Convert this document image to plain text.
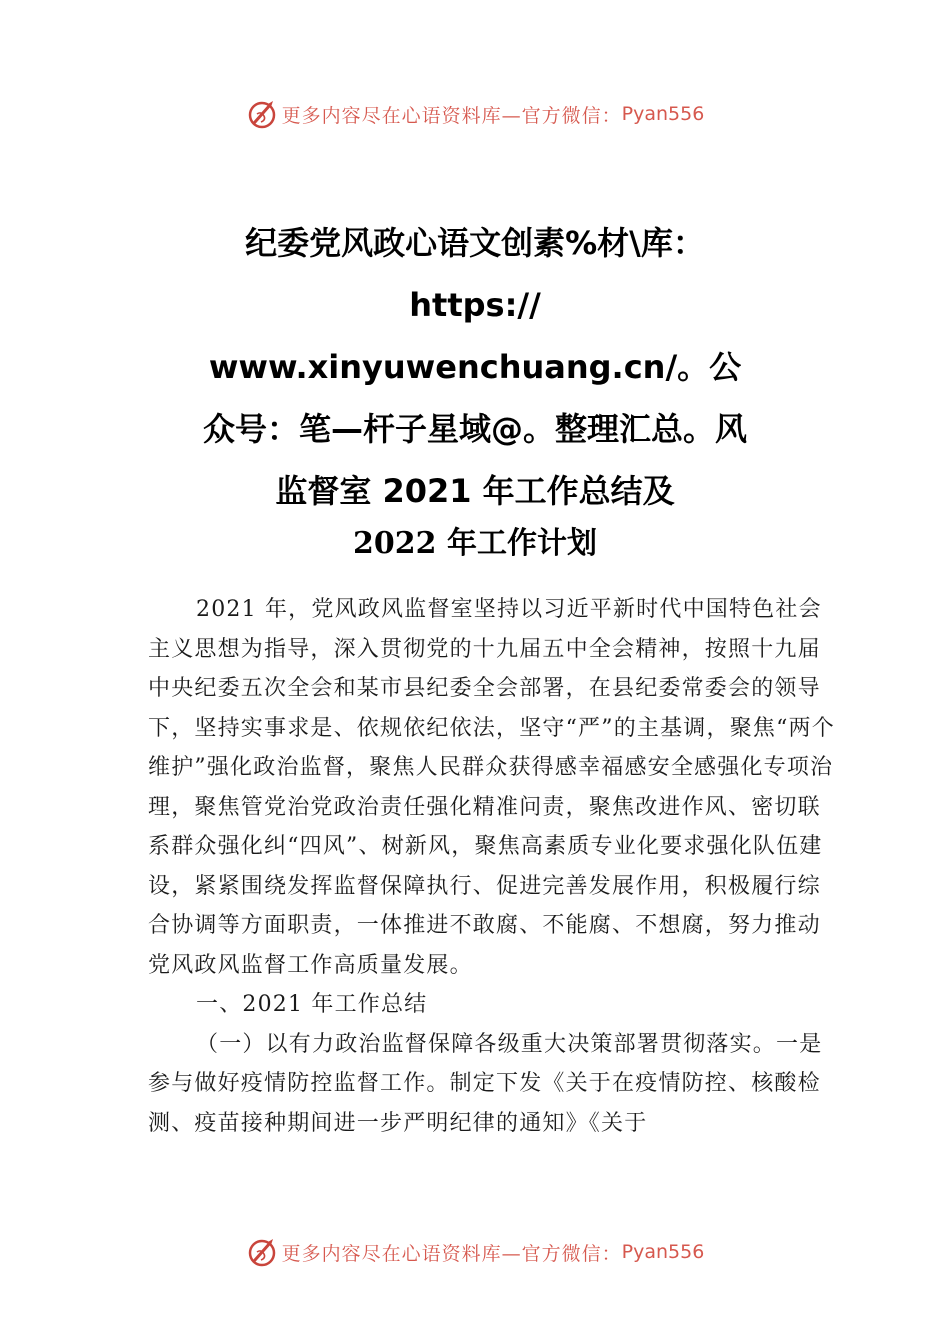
更多内容尽在心语资料库—官方微信： Pyan556
纪委党风政心语文创素%材\库：
https://
www.xinyuwenchuang.cn/。公
众号：笔—杆子星域@。整理汇总。风
监督室 2021 年工作总结及
2022 年工作计划

2021 年，党风政风监督室坚持以习近平新时代中国特色社会主义思想为指导，深入贯彻党的十九届五中全会精神，按照十九届中央纪委五次全会和某市县纪委全会部署，在县纪委常委会的领导下，坚持实事求是、依规依纪依法，坚守“严”的主基调，聚焦“两个维护”强化政治监督，聚焦人民群众获得感幸福感安全感强化专项治理，聚焦管党治党政治责任强化精准问责，聚焦改进作风、密切联系群众强化纠“四风”、树新风，聚焦高素质专业化要求强化队伍建设，紧紧围绕发挥监督保障执行、促进完善发展作用，积极履行综合协调等方面职责，一体推进不敢腐、不能腐、不想腐，努力推动党风政风监督工作高质量发展。

一、2021 年工作总结

（一）以有力政治监督保障各级重大决策部署贯彻落实。一是参与做好疫情防控监督工作。制定下发《关于在疫情防控、核酸检测、疫苗接种期间进一步严明纪律的通知》《关于

更多内容尽在心语资料库—官方微信： Pyan556
